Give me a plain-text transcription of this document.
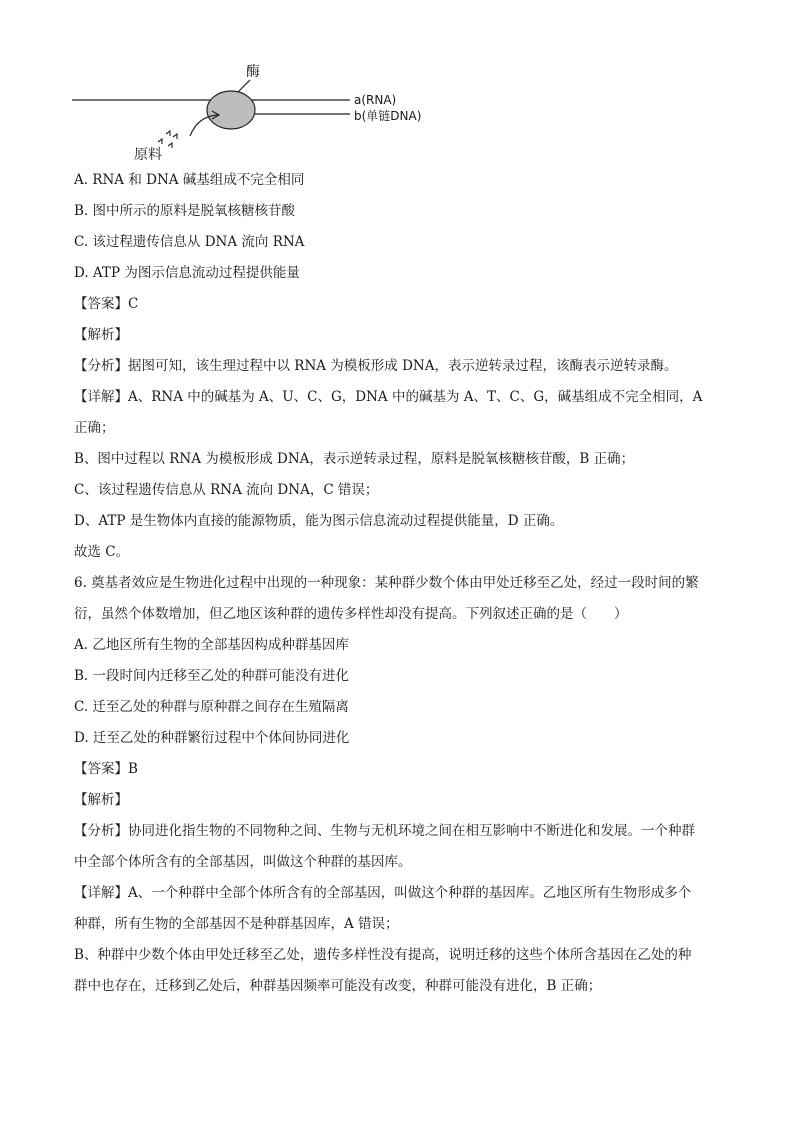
酶
a(RNA)
b(单链DNA)
原料

A. RNA 和 DNA 碱基组成不完全相同

B. 图中所示的原料是脱氧核糖核苷酸

C. 该过程遗传信息从 DNA 流向 RNA

D. ATP 为图示信息流动过程提供能量

【答案】C

【解析】

【分析】据图可知，该生理过程中以 RNA 为模板形成 DNA，表示逆转录过程，该酶表示逆转录酶。

【详解】A、RNA 中的碱基为 A、U、C、G，DNA 中的碱基为 A、T、C、G，碱基组成不完全相同，A

正确；

B、图中过程以 RNA 为模板形成 DNA，表示逆转录过程，原料是脱氧核糖核苷酸，B 正确；

C、该过程遗传信息从 RNA 流向 DNA，C 错误；

D、ATP 是生物体内直接的能源物质，能为图示信息流动过程提供能量，D 正确。

故选 C。

6. 奠基者效应是生物进化过程中出现的一种现象：某种群少数个体由甲处迁移至乙处，经过一段时间的繁

衍，虽然个体数增加，但乙地区该种群的遗传多样性却没有提高。下列叙述正确的是（　　）

A. 乙地区所有生物的全部基因构成种群基因库

B. 一段时间内迁移至乙处的种群可能没有进化

C. 迁至乙处的种群与原种群之间存在生殖隔离

D. 迁至乙处的种群繁衍过程中个体间协同进化

【答案】B

【解析】

【分析】协同进化指生物的不同物种之间、生物与无机环境之间在相互影响中不断进化和发展。一个种群

中全部个体所含有的全部基因，叫做这个种群的基因库。

【详解】A、一个种群中全部个体所含有的全部基因，叫做这个种群的基因库。乙地区所有生物形成多个

种群，所有生物的全部基因不是种群基因库，A 错误；

B、种群中少数个体由甲处迁移至乙处，遗传多样性没有提高，说明迁移的这些个体所含基因在乙处的种

群中也存在，迁移到乙处后，种群基因频率可能没有改变，种群可能没有进化，B 正确；
